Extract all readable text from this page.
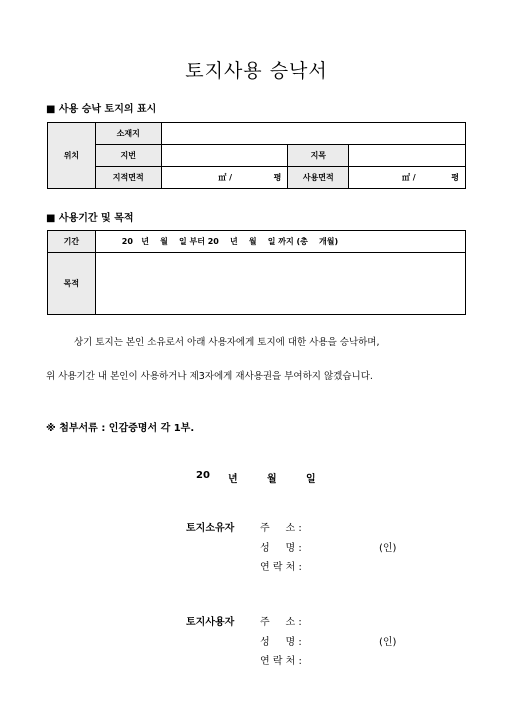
토지사용 승낙서
■ 사용 승낙 토지의 표시
위치	소재지			
	지번		지목	
	지적면적	㎡ / 평	사용면적	㎡ / 평
■ 사용기간 및 목적
기간	20   년    월    일 부터 20    년    월    일 까지 (총    개월)
목적	
상기 토지는 본인 소유로서 아래 사용자에게 토지에 대한 사용을 승낙하며,
위 사용기간 내 본인이 사용하거나 제3자에게 재사용권을 부여하지 않겠습니다.
※ 첨부서류 : 인감증명서 각 1부.
20 년	월	일
토지소유자	주     소 :
성     명 :	(인)
연 락 처 :
토지사용자	주     소 :
성     명 :	(인)
연 락 처 :
